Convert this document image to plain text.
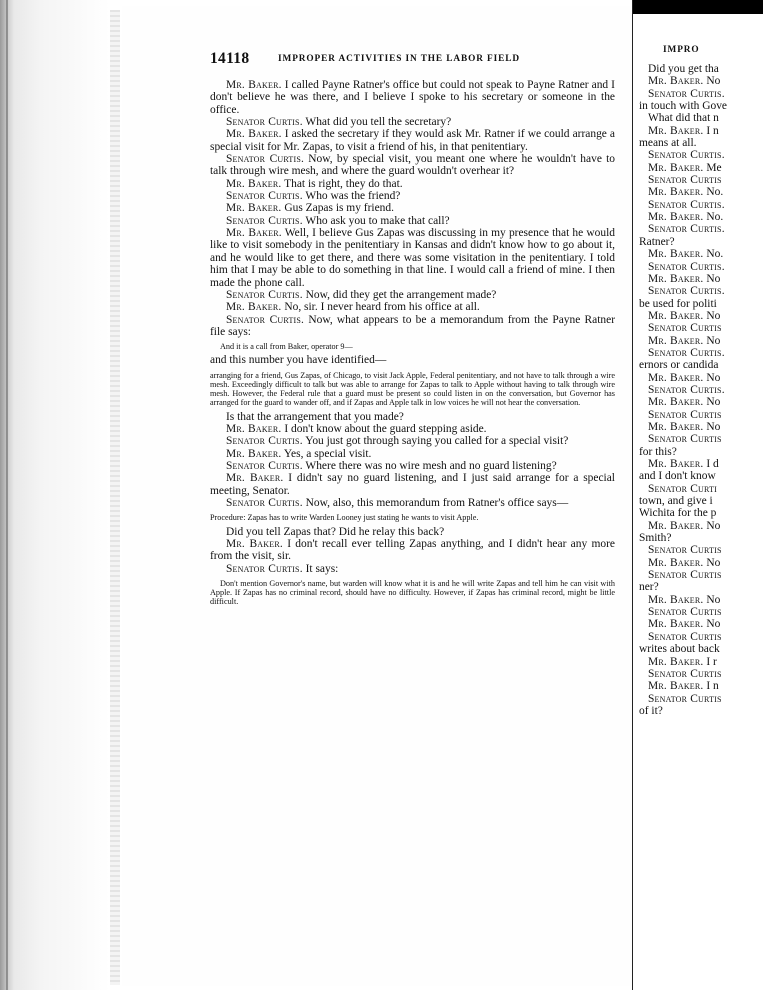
14118	IMPROPER ACTIVITIES IN THE LABOR FIELD

Mr. Baker. I called Payne Ratner's office but could not speak to Payne Ratner and I don't believe he was there, and I believe I spoke to his secretary or someone in the office.

Senator Curtis. What did you tell the secretary?

Mr. Baker. I asked the secretary if they would ask Mr. Ratner if we could arrange a special visit for Mr. Zapas, to visit a friend of his, in that penitentiary.

Senator Curtis. Now, by special visit, you meant one where he wouldn't have to talk through wire mesh, and where the guard wouldn't overhear it?

Mr. Baker. That is right, they do that.

Senator Curtis. Who was the friend?

Mr. Baker. Gus Zapas is my friend.

Senator Curtis. Who ask you to make that call?

Mr. Baker. Well, I believe Gus Zapas was discussing in my presence that he would like to visit somebody in the penitentiary in Kansas and didn't know how to go about it, and he would like to get there, and there was some visitation in the penitentiary. I told him that I may be able to do something in that line. I would call a friend of mine. I then made the phone call.

Senator Curtis. Now, did they get the arrangement made?

Mr. Baker. No, sir. I never heard from his office at all.

Senator Curtis. Now, what appears to be a memorandum from the Payne Ratner file says:

And it is a call from Baker, operator 9—

and this number you have identified—

arranging for a friend, Gus Zapas, of Chicago, to visit Jack Apple, Federal penitentiary, and not have to talk through a wire mesh. Exceedingly difficult to talk but was able to arrange for Zapas to talk to Apple without having to talk through wire mesh. However, the Federal rule that a guard must be present so could listen in on the conversation, but Governor has arranged for the guard to wander off, and if Zapas and Apple talk in low voices he will not hear the conversation.

Is that the arrangement that you made?

Mr. Baker. I don't know about the guard stepping aside.

Senator Curtis. You just got through saying you called for a special visit?

Mr. Baker. Yes, a special visit.

Senator Curtis. Where there was no wire mesh and no guard listening?

Mr. Baker. I didn't say no guard listening, and I just said arrange for a special meeting, Senator.

Senator Curtis. Now, also, this memorandum from Ratner's office says—

Procedure: Zapas has to write Warden Looney just stating he wants to visit Apple.

Did you tell Zapas that? Did he relay this back?

Mr. Baker. I don't recall ever telling Zapas anything, and I didn't hear any more from the visit, sir.

Senator Curtis. It says:

Don't mention Governor's name, but warden will know what it is and he will write Zapas and tell him he can visit with Apple. If Zapas has no criminal record, should have no difficulty. However, if Zapas has criminal record, might be little difficult.

IMPRO

Did you get tha

Mr. Baker. No

Senator Curtis.

in touch with Gove

What did that n

Mr. Baker. I n

means at all.

Senator Curtis.

Mr. Baker. Me

Senator Curtis

Mr. Baker. No.

Senator Curtis.

Mr. Baker. No.

Senator Curtis.

Ratner?

Mr. Baker. No.

Senator Curtis.

Mr. Baker. No

Senator Curtis.

be used for politi

Mr. Baker. No

Senator Curtis

Mr. Baker. No

Senator Curtis.

ernors or candida

Mr. Baker. No

Senator Curtis.

Mr. Baker. No

Senator Curtis

Mr. Baker. No

Senator Curtis

for this?

Mr. Baker. I d

and I don't know

Senator Curti

town, and give i

Wichita for the p

Mr. Baker. No

Smith?

Senator Curtis

Mr. Baker. No

Senator Curtis

ner?

Mr. Baker. No

Senator Curtis

Mr. Baker. No

Senator Curtis

writes about back

Mr. Baker. I r

Senator Curtis

Mr. Baker. I n

Senator Curtis

of it?
